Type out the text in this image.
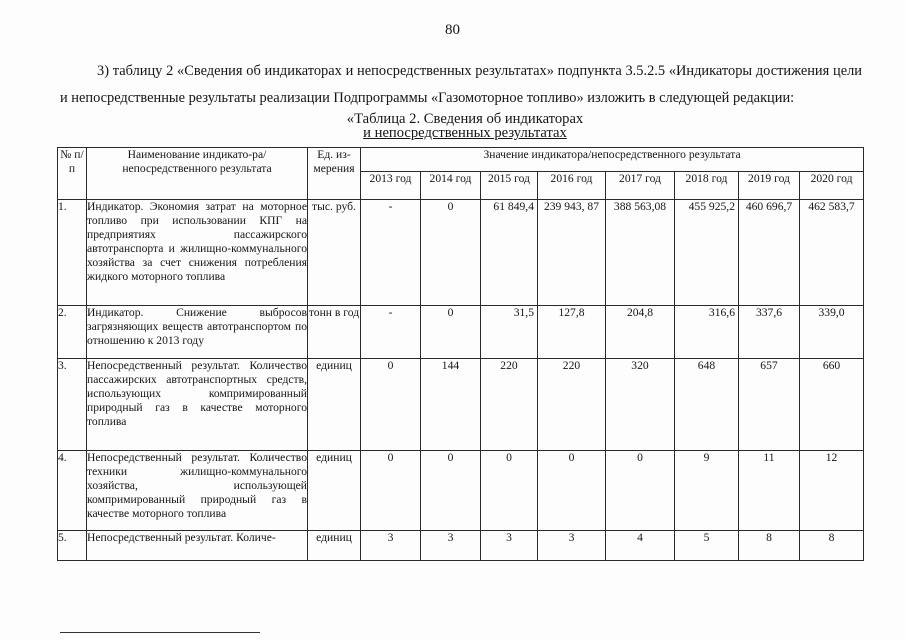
80

3) таблицу 2 «Сведения об индикаторах и непосредственных результатах» подпункта 3.5.2.5 «Индикаторы достижения цели и непосредственные результаты реализации Подпрограммы «Газомоторное топливо» изложить в следующей редакции:

«Таблица 2. Сведения об индикаторах
и непосредственных результатах
№ п/п	Наименование индикато-ра/непосредственного результата	Ед. из-мерения	Значение индикатора/непосредственного результата							
			2013 год	2014 год	2015 год	2016 год	2017 год	2018 год	2019 год	2020 год
1.	Индикатор. Экономия затрат на моторное топливо при использовании КПГ на предприятиях пассажирского автотранспорта и жилищно-коммунального хозяйства за счет снижения потребления жидкого моторного топлива	тыс. руб.	-	0	61 849,4	239 943, 87	388 563,08	455 925,2	460 696,7	462 583,7
2.	Индикатор. Снижение выбросов загрязняющих веществ автотранспортом по отношению к 2013 году	тонн в год	-	0	31,5	127,8	204,8	316,6	337,6	339,0
3.	Непосредственный результат. Количество пассажирских автотранспортных средств, использующих компримированный природный газ в качестве моторного топлива	единиц	0	144	220	220	320	648	657	660
4.	Непосредственный результат. Количество техники жилищно-коммунального хозяйства, использующей компримированный природный газ в качестве моторного топлива	единиц	0	0	0	0	0	9	11	12
5.	Непосредственный результат. Количе-	единиц	3	3	3	3	4	5	8	8
